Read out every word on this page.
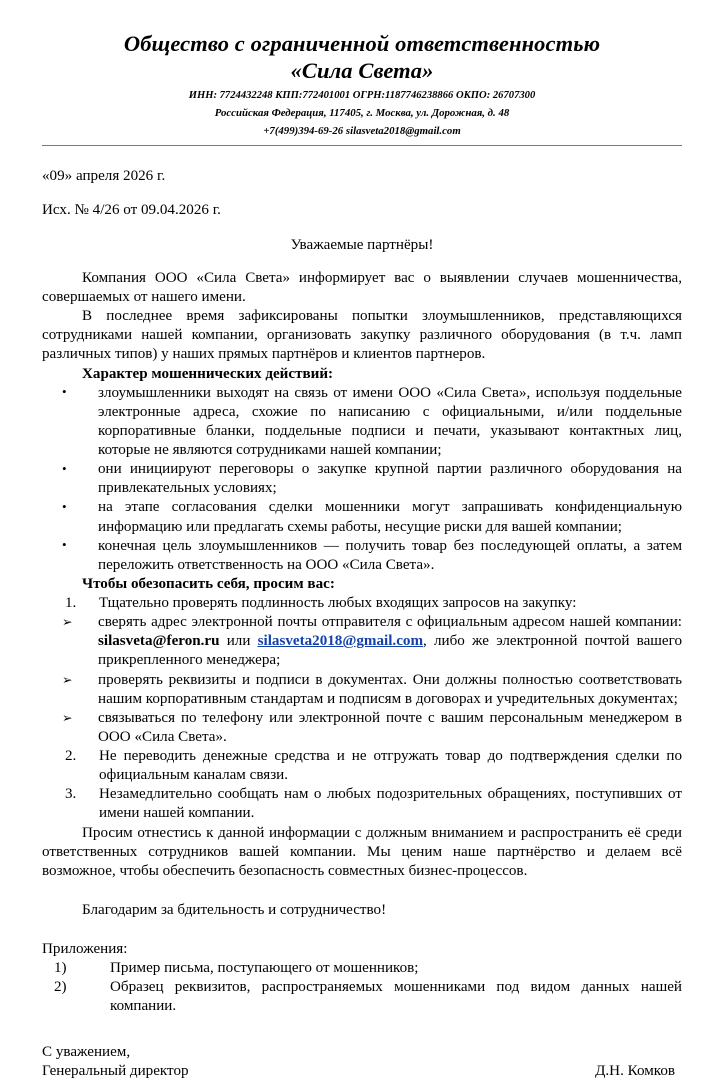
Общество с ограниченной ответственностью
«Сила Света»
ИНН: 7724432248 КПП:772401001 ОГРН:1187746238866 ОКПО: 26707300
Российская Федерация, 117405, г. Москва, ул. Дорожная, д. 48
+7(499)394-69-26 silasveta2018@gmail.com
«09» апреля 2026 г.
Исх. № 4/26 от 09.04.2026 г.
Уважаемые партнёры!

Компания ООО «Сила Света» информирует вас о выявлении случаев мошенничества, совершаемых от нашего имени.

В последнее время зафиксированы попытки злоумышленников, представляющихся сотрудниками нашей компании, организовать закупку различного оборудования (в т.ч. ламп различных типов) у наших прямых партнёров и клиентов партнеров.

Характер мошеннических действий:

• злоумышленники выходят на связь от имени ООО «Сила Света», используя поддельные электронные адреса, схожие по написанию с официальными, и/или поддельные корпоративные бланки, поддельные подписи и печати, указывают контактных лиц, которые не являются сотрудниками нашей компании;

• они инициируют переговоры о закупке крупной партии различного оборудования на привлекательных условиях;

• на этапе согласования сделки мошенники могут запрашивать конфиденциальную информацию или предлагать схемы работы, несущие риски для вашей компании;

• конечная цель злоумышленников — получить товар без последующей оплаты, а затем переложить ответственность на ООО «Сила Света».

Чтобы обезопасить себя, просим вас:

1. Тщательно проверять подлинность любых входящих запросов на закупку:

➢ сверять адрес электронной почты отправителя с официальным адресом нашей компании: silasveta@feron.ru или silasveta2018@gmail.com, либо же электронной почтой вашего прикрепленного менеджера;

➢ проверять реквизиты и подписи в документах. Они должны полностью соответствовать нашим корпоративным стандартам и подписям в договорах и учредительных документах;

➢ связываться по телефону или электронной почте с вашим персональным менеджером в ООО «Сила Света».

2. Не переводить денежные средства и не отгружать товар до подтверждения сделки по официальным каналам связи.

3. Незамедлительно сообщать нам о любых подозрительных обращениях, поступивших от имени нашей компании.

Просим отнестись к данной информации с должным вниманием и распространить её среди ответственных сотрудников вашей компании. Мы ценим наше партнёрство и делаем всё возможное, чтобы обеспечить безопасность совместных бизнес-процессов.

Благодарим за бдительность и сотрудничество!

Приложения:

1)	Пример письма, поступающего от мошенников;

2)	Образец реквизитов, распространяемых мошенниками под видом данных нашей компании.

С уважением,

Генеральный директор	Д.Н. Комков
